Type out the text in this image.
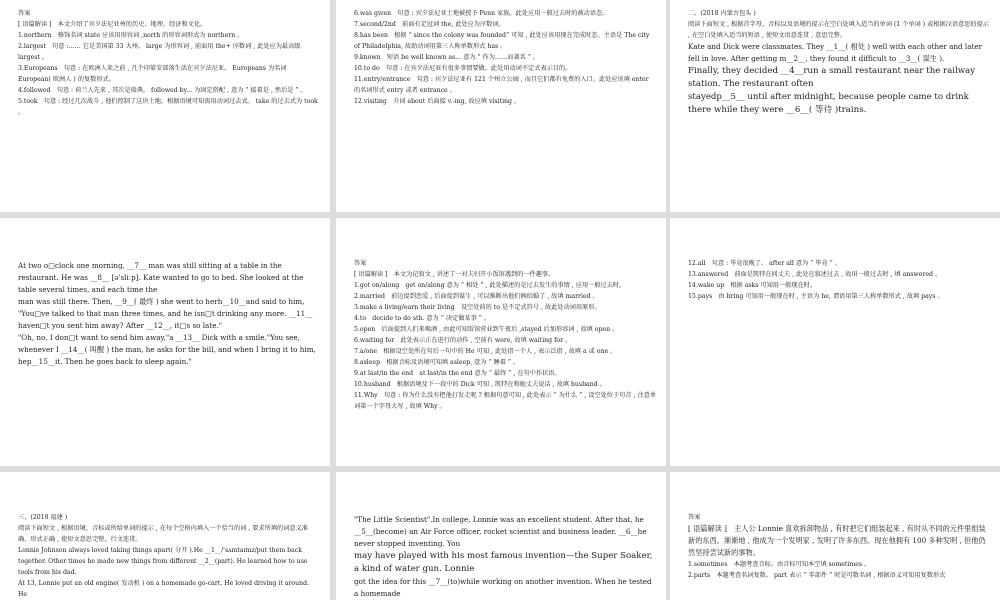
答案

[ 语篇解读 ]　本文介绍了宾夕法尼亚州的历史、地理、经济和文化。

1.northern　修饰名词 state 应该用形容词 ,north 的形容词形式为 northern 。

2.largest　句意 :…… 它是美国第 33 大州。 large 为形容词 , 前面用 the+ 序数词 , 此处应为最高级 largest 。

3.Europeans　句意 : 在欧洲人来之前 , 几个印第安部落生活在宾夕法尼亚。 Europeans 为名词 European( 欧洲人 ) 的复数形式。

4.followed　句意 : 荷兰人先来 , 其次是瑞典。 followed by... 为固定搭配 , 意为 “ 接着是 , 然后是 ” 。

5.took　句意 : 经过几次战斗 , 他们控制了这块土地。根据语境可知需用动词过去式。 take 的过去式为 took 。

6.was given　句意 : 宾夕法尼亚土地被授予 Penn 家族。此处应用一般过去时的被动语态。

7.second/2nd　前面有定冠词 the, 此处应为序数词。

8.has been　根据 “ since the colony was founded” 可知 , 此处应该用现在完成时态。主语是 The city of Philadelphia, 故助动词用第三人称单数形式 has 。

9.known　短语 be well known as... 意为 “ 作为……而著名 ” 。

10.to do　句意 : 在宾夕法尼亚有很多事情要做。此处用动词不定式表示目的。

11.entry/entrance　句意 : 宾夕法尼亚有 121 个州立公园 , 而且它们都有免费的入口。此处应该填 enter 的名词形式 entry 或者 entrance 。

12.visiting　介词 about 后面接 v.-ing, 故应填 visiting 。

二、(2018 内蒙古包头 )

阅读下面短文 , 根据首字母、音标以及语境的提示在空白处填入适当的单词 (1 个单词 ) 或根据汉语意思的提示 , 在空白处填入适当的短语 , 使短文语意连贯 , 意思完整。

Kate and Dick were classmates. They __1__( 相处 ) well with each other and later fell in love. After getting m__2__, they found it difficult to __3__( 谋生 ).

Finally, they decided __4__run a small restaurant near the railway station. The restaurant often

stayedp__5__ until after midnight, because people came to drink there while they were __6__( 等待 )trains.

At two o□clock one morning, __7__ man was still sitting at a table in the restaurant. He was __8__ [ə'sliːp]. Kate wanted to go to bed. She looked at the table several times, and each time the

man was still there. Then, __9__( 最终 ) she went to herh__10__and said to him, "You□ve talked to that man three times, and he isn□t drinking any more. __11__ haven□t you sent him away? After __12__, it□s so late."

"Oh, no, I don□t want to send him away,"a __13__ Dick with a smile."You see, whenever I __14__( 叫醒 ) the man, he asks for the bill, and when I bring it to him, hep__15__it. Then he goes back to sleep again."

答案

[ 语篇解读 ]　本文为记叙文 , 讲述了一对夫妇开小饭馆遇到的一件趣事。

1.got on/along　get on/along 意为 “ 相处 ” , 此处描述的是过去发生的事情 , 应用一般过去时。

2.married　前边提到恋爱 , 后面提到谋生 , 可以推断出他们俩结婚了 , 故填 married 。

3.make a living/earn their living　设空处前的 to 是不定式符号 , 故此处动词用原形。

4.to　decide to do sth. 意为 “ 决定做某事 ” 。

5.open　后面提到人们来喝酒 , 由此可知饭馆营业到午夜后 ,stayed 后加形容词 , 故填 open 。

6.waiting for　此处表示正在进行的动作 , 空前有 were, 故填 waiting for 。

7.a/one　根据设空处所在句后一句中的 He 可知 , 此处指一个人 , 表示泛指 , 故填 a 或 one 。

8.asleep　根据音标及语境可知填 asleep, 意为 “ 睡着 ” 。

9.at last/in the end　at last/in the end 意为 “ 最终 ” , 在句中作状语。

10.husband　根据语境及下一段中的 Dick 可知 , 凯特在和她丈夫说话 , 故填 husband 。

11.Why　句意 : 你为什么没有把他打发走呢 ? 根据句意可知 , 此处表示 “ 为什么 ” , 设空处位于句首 , 注意单词第一个字母大写 , 故填 Why 。

12.all　句意 : 毕竟很晚了。 after all 意为 “ 毕竟 ” 。

13.answered　前面是凯特在问丈夫 , 此处在叙述过去 , 故用一般过去时 , 填 answered 。

14.wake up　根据 asks 可知用一般现在时。

15.pays　由 bring 可知用一般现在时 , 主语为 he, 谓语用第三人称单数形式 , 故填 pays 。

三、(2018 福建 )

阅读下面短文 , 根据语境、音标或所给单词的提示 , 在每个空格内填入一个恰当的词 , 要求所填的词意义准确、形式正确 , 使短文意思完整、行文连贯。

Lonnie Johnson always loved taking things apart( 分开 ).He __1__/'sʌmtaɪmz/put them back together. Other times he made new things from different __2__(part). He learned how to use tools from his dad.

At 13, Lonnie put an old engine( 发动机 ) on a homemade go-cart. He loved driving it around. He

"The Little Scientist".In college, Lonnie was an excellent student. After that, he __5__(become) an Air Force officer, rocket scientist and business leader. __6__he never stopped inventing. You

may have played with his most famous invention—the Super Soaker, a kind of water gun. Lonnie

got the idea for this __7__(to)while working on another invention. When he tested a homemade

答案

[ 语篇解读 ]　主人公 Lonnie 喜欢拆卸物品 , 有时把它们组装起来 , 有时从不同的元件里组装新的东西。渐渐地 , 他成为一个发明家 , 发明了许多东西。现在他拥有 100 多种发明 , 但他仍然坚持尝试新的事物。

1.sometimes　本题考查音标。由音标可知本空填 sometimes 。

2.parts　本题考查名词复数。 part 表示 “ 零部件 ” 时是可数名词 , 根据语义可知用复数形式
